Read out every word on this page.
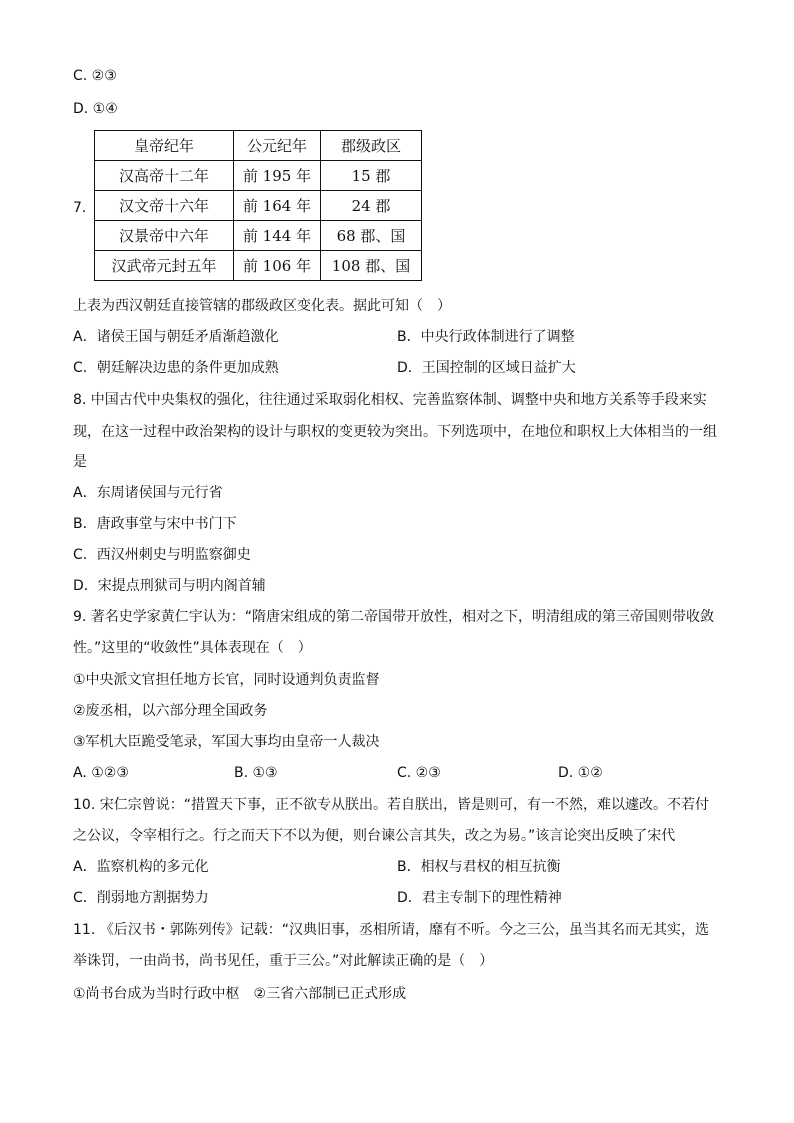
C. ②③
D. ①④
7.
皇帝纪年	公元纪年	郡级政区
汉高帝十二年	前 195 年	15 郡
汉文帝十六年	前 164 年	24 郡
汉景帝中六年	前 144 年	68 郡、国
汉武帝元封五年	前 106 年	108 郡、国
上表为西汉朝廷直接管辖的郡级政区变化表。据此可知（　）
A．诸侯王国与朝廷矛盾渐趋激化	B．中央行政体制进行了调整
C．朝廷解决边患的条件更加成熟	D．王国控制的区域日益扩大
8. 中国古代中央集权的强化，往往通过采取弱化相权、完善监察体制、调整中央和地方关系等手段来实
现，在这一过程中政治架构的设计与职权的变更较为突出。下列选项中，在地位和职权上大体相当的一组
是
A．东周诸侯国与元行省
B．唐政事堂与宋中书门下
C．西汉州刺史与明监察御史
D．宋提点刑狱司与明内阁首辅
9. 著名史学家黄仁宇认为：“隋唐宋组成的第二帝国带开放性，相对之下，明清组成的第三帝国则带收敛
性。”这里的“收敛性”具体表现在（　）
①中央派文官担任地方长官，同时设通判负责监督
②废丞相，以六部分理全国政务
③军机大臣跪受笔录，军国大事均由皇帝一人裁决
A. ①②③	B. ①③	C. ②③	D. ①②
10. 宋仁宗曾说：“措置天下事，正不欲专从朕出。若自朕出，皆是则可，有一不然，难以遽改。不若付
之公议，令宰相行之。行之而天下不以为便，则台谏公言其失，改之为易。”该言论突出反映了宋代
A．监察机构的多元化	B．相权与君权的相互抗衡
C．削弱地方割据势力	D．君主专制下的理性精神
11. 《后汉书・郭陈列传》记载：“汉典旧事，丞相所请，靡有不听。今之三公，虽当其名而无其实，选
举诛罚，一由尚书，尚书见任，重于三公。”对此解读正确的是（　）
①尚书台成为当时行政中枢　②三省六部制已正式形成
